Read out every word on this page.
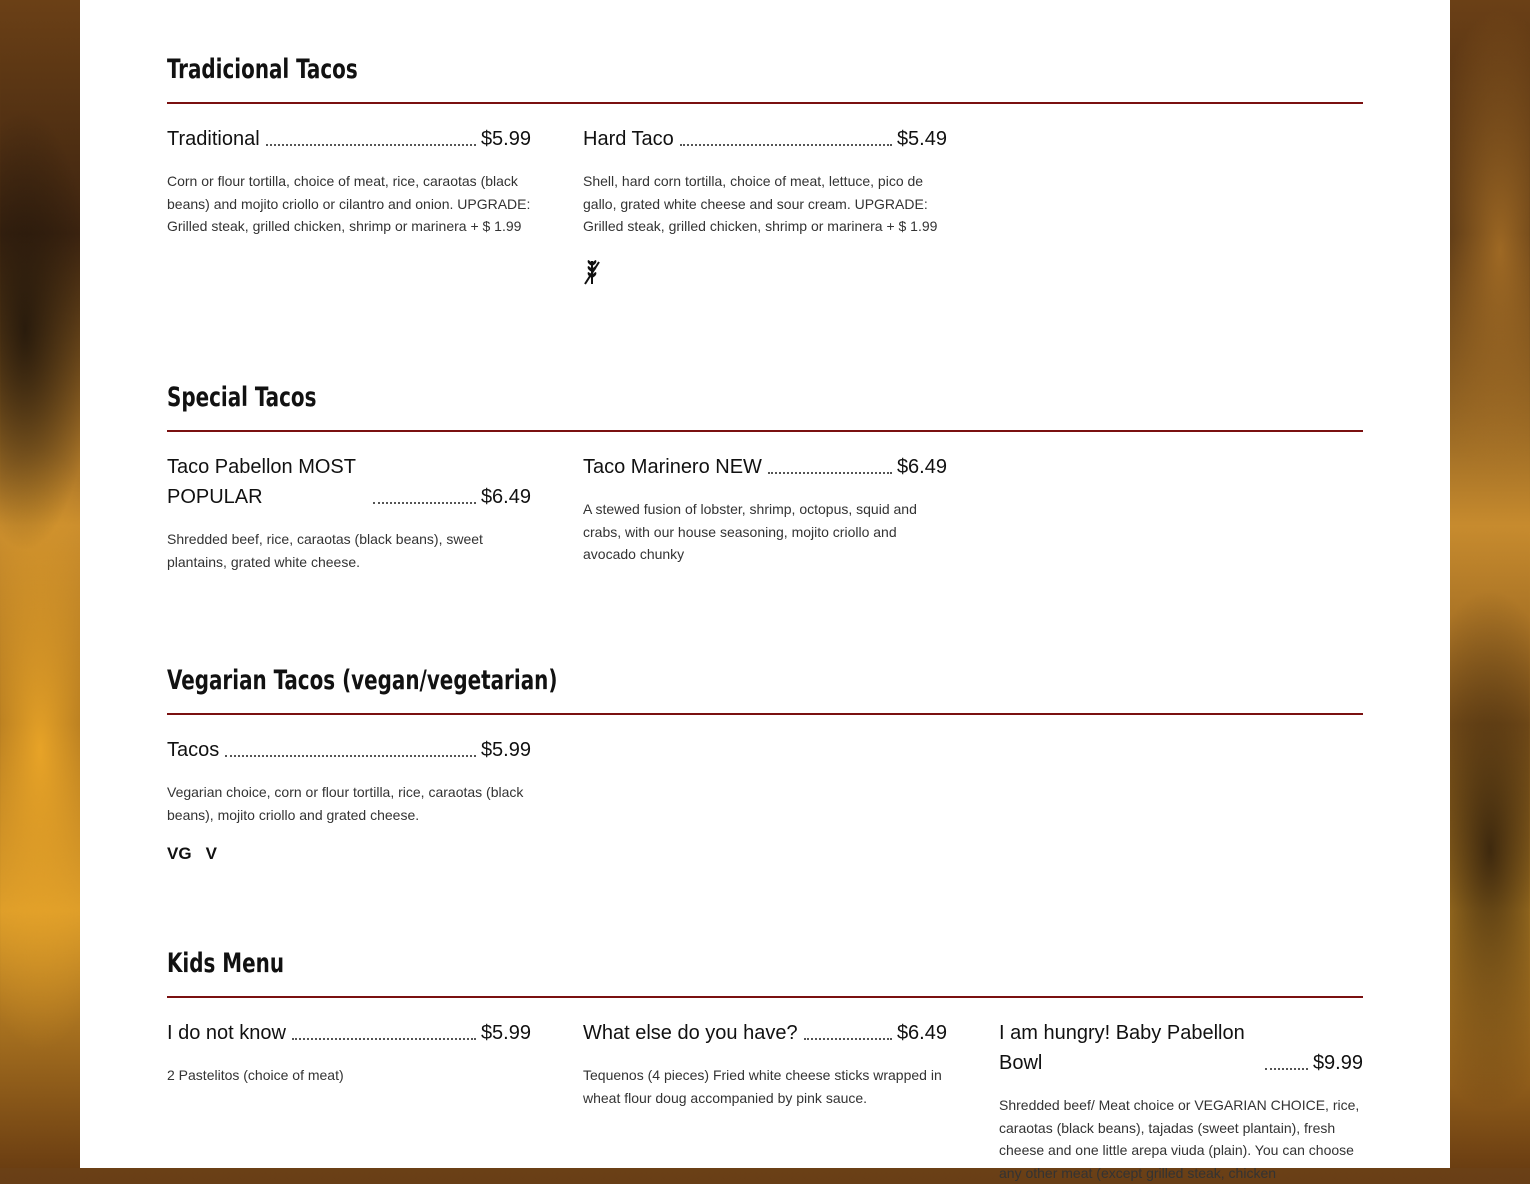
Tradicional Tacos
Traditional	$5.99
Corn or flour tortilla, choice of meat, rice, caraotas (black beans) and mojito criollo or cilantro and onion. UPGRADE: Grilled steak, grilled chicken, shrimp or marinera + $ 1.99
Hard Taco	$5.49
Shell, hard corn tortilla, choice of meat, lettuce, pico de gallo, grated white cheese and sour cream. UPGRADE: Grilled steak, grilled chicken, shrimp or marinera + $ 1.99
Special Tacos
Taco Pabellon MOST POPULAR	$6.49
Shredded beef, rice, caraotas (black beans), sweet plantains, grated white cheese.
Taco Marinero NEW	$6.49
A stewed fusion of lobster, shrimp, octopus, squid and crabs, with our house seasoning, mojito criollo and avocado chunky
Vegarian Tacos (vegan/vegetarian)
Tacos	$5.99
Vegarian choice, corn or flour tortilla, rice, caraotas (black beans), mojito criollo and grated cheese.
VG V
Kids Menu
I do not know	$5.99
2 Pastelitos (choice of meat)
What else do you have?	$6.49
Tequenos (4 pieces) Fried white cheese sticks wrapped in wheat flour doug accompanied by pink sauce.
I am hungry! Baby Pabellon Bowl	$9.99
Shredded beef/ Meat choice or VEGARIAN CHOICE, rice, caraotas (black beans), tajadas (sweet plantain), fresh cheese and one little arepa viuda (plain). You can choose any other meat (except grilled steak, chicken
